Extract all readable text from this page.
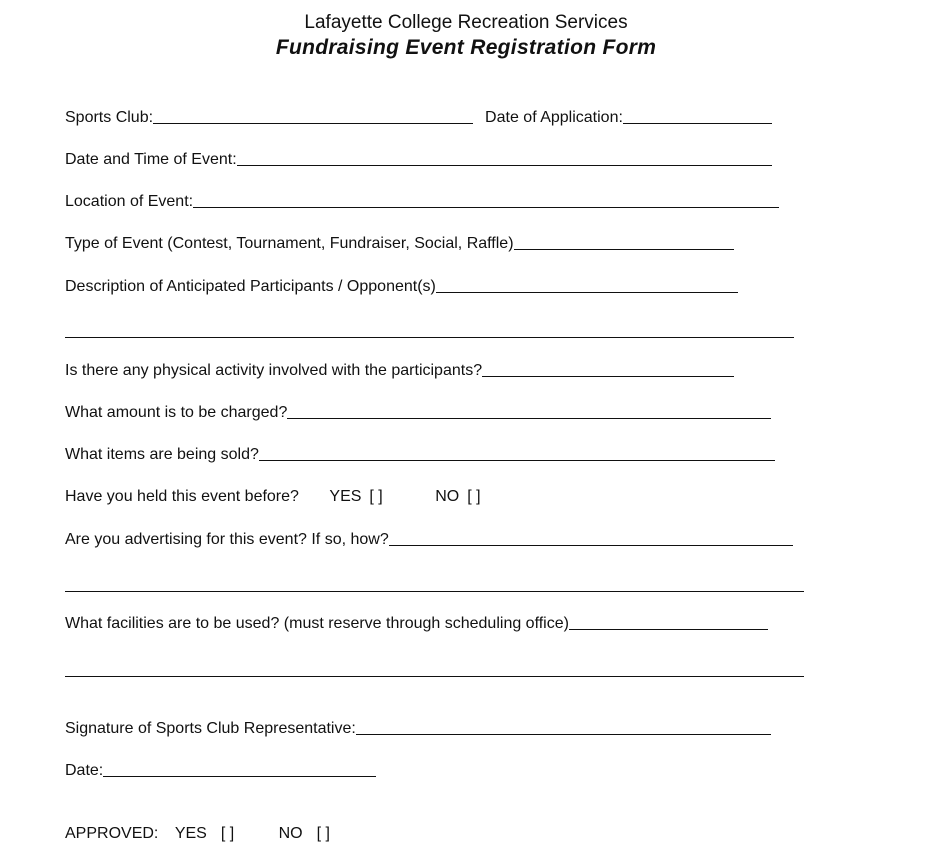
Lafayette College Recreation Services
Fundraising Event Registration Form
Sports Club:	Date of Application:
Date and Time of Event:
Location of Event:
Type of Event (Contest, Tournament, Fundraiser, Social, Raffle)
Description of Anticipated Participants / Opponent(s)
Is there any physical activity involved with the participants?
What amount is to be charged?
What items are being sold?
Have you held this event before? YES [ ]	NO [ ]
Are you advertising for this event? If so, how?
What facilities are to be used? (must reserve through scheduling office)
Signature of Sports Club Representative:
Date:
APPROVED: YES [ ]	NO [ ]
